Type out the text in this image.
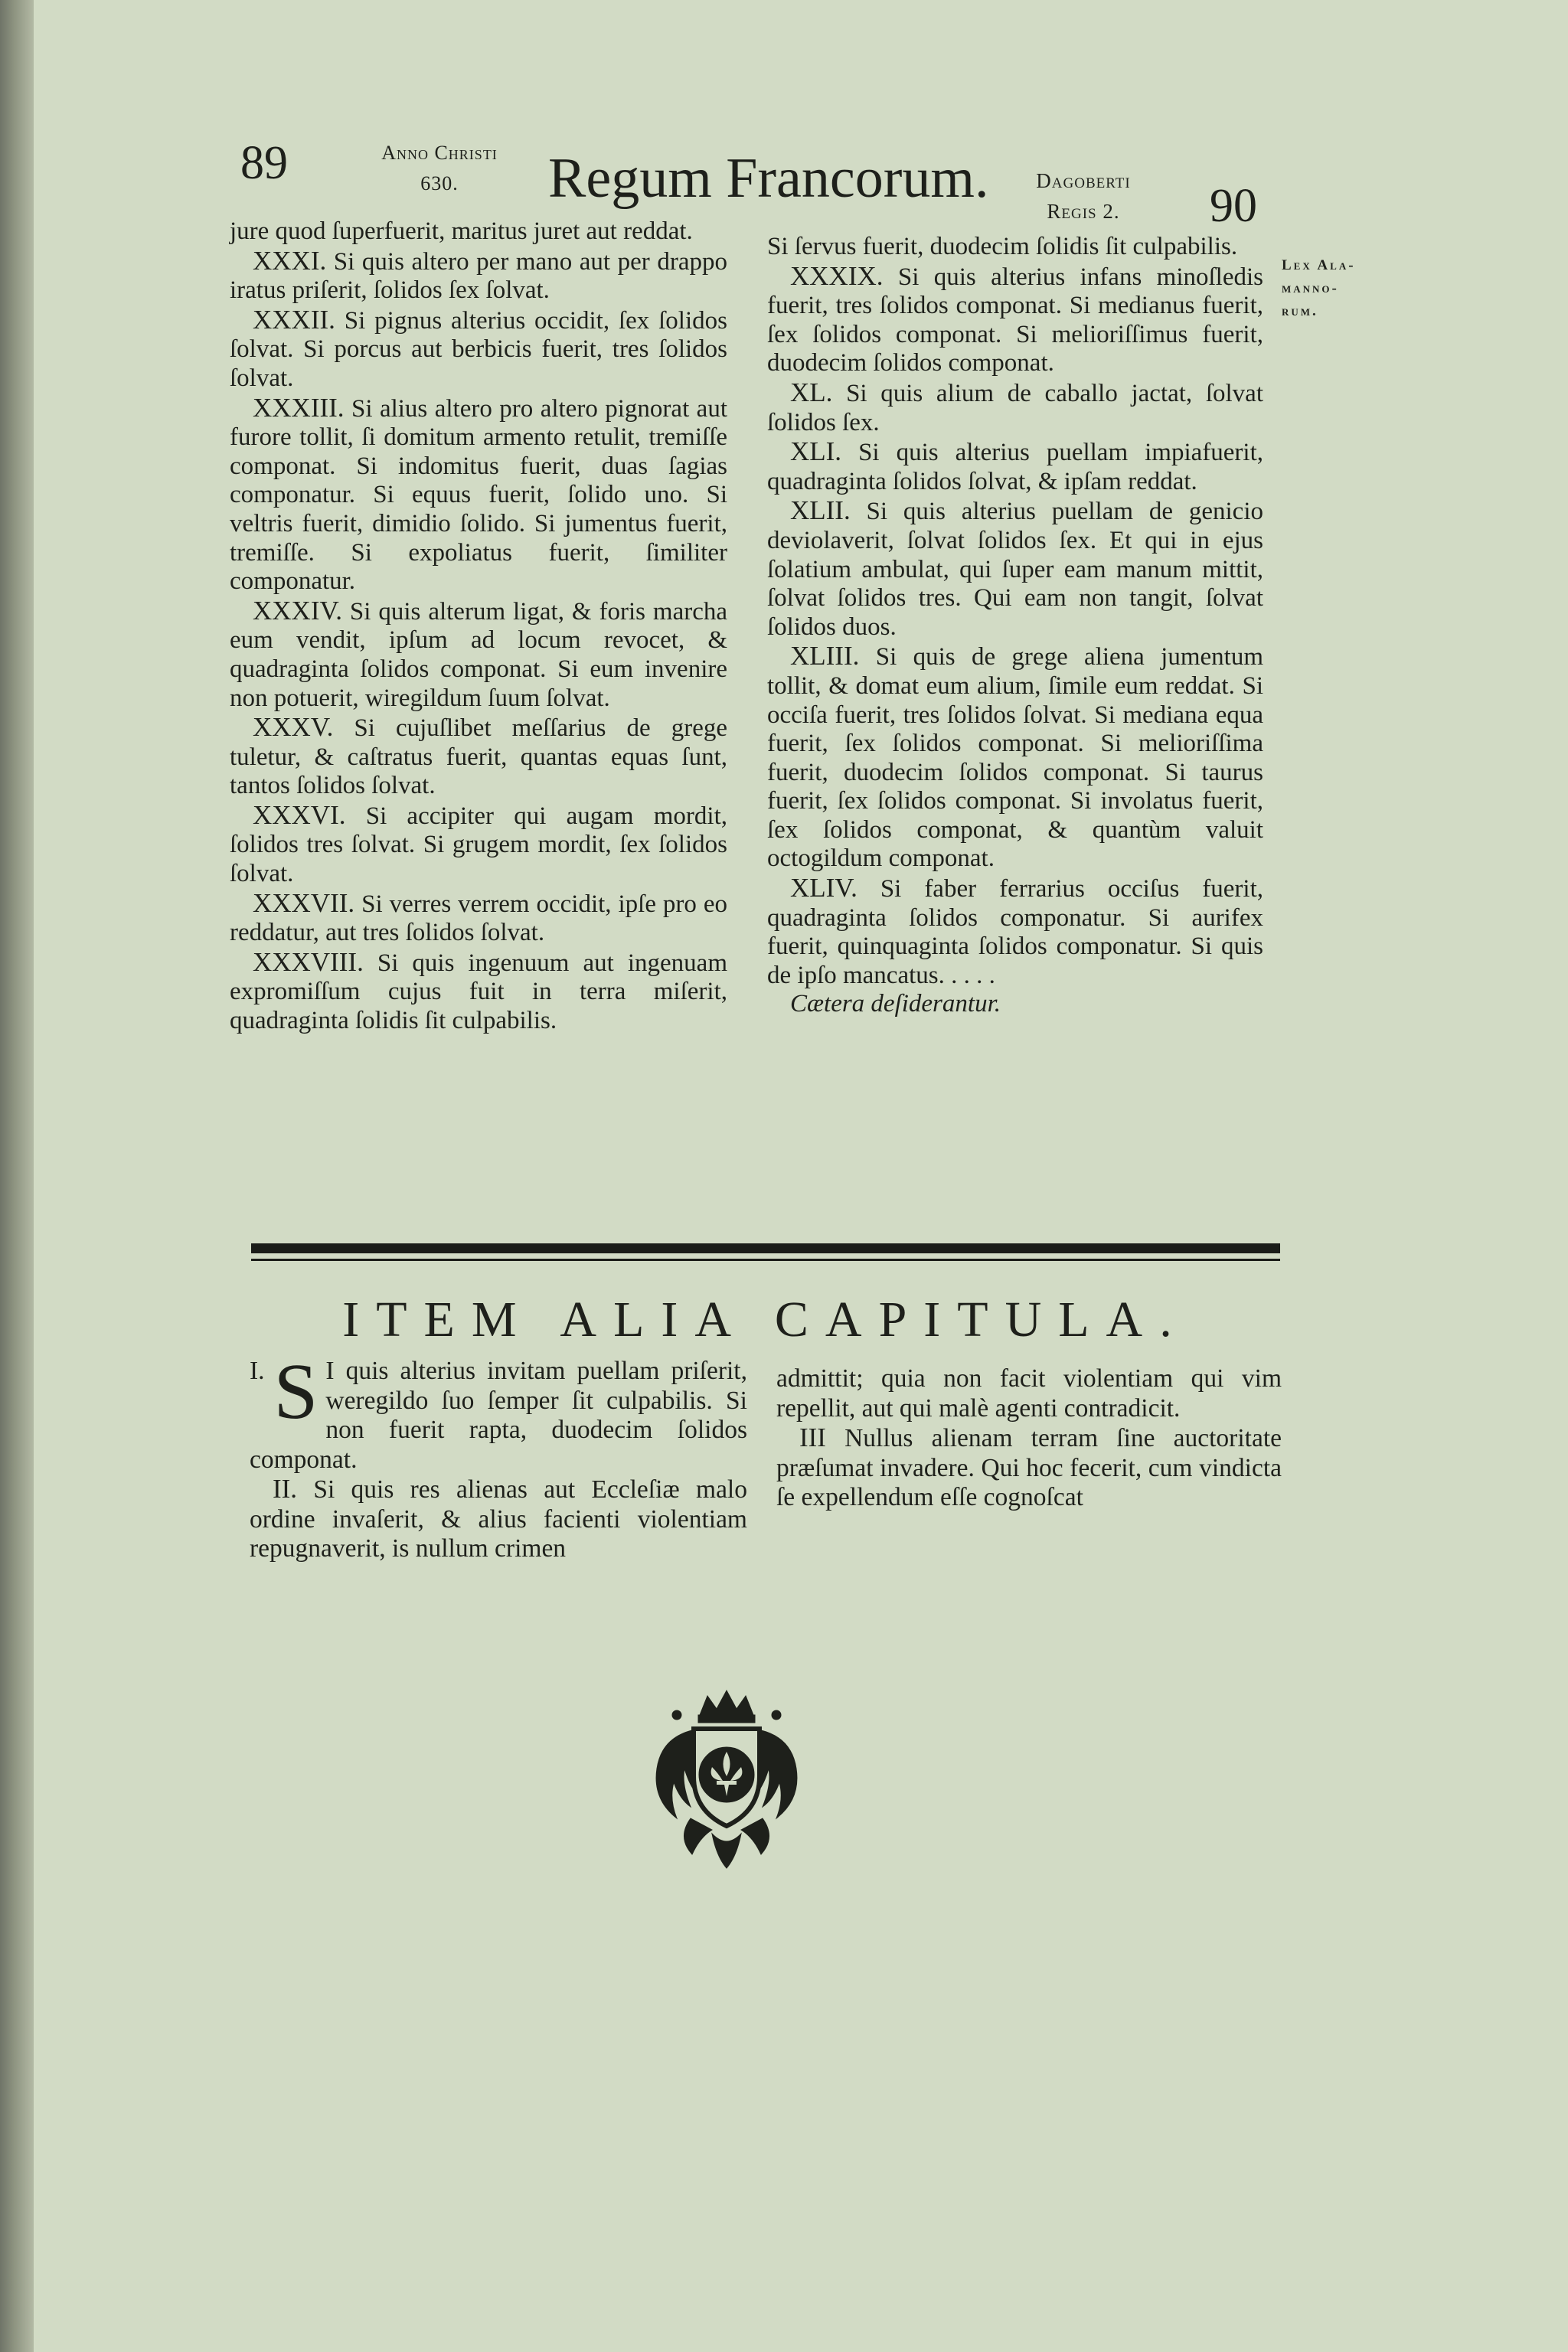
89	Anno Christi
630.	Regum Francorum.	Dagoberti
Regis 2.	90
Lex Ala-
manno-
rum.

jure quod ſuperfuerit, maritus juret aut reddat.

XXXI. Si quis altero per mano aut per drappo iratus priſerit, ſolidos ſex ſolvat.

XXXII. Si pignus alterius occidit, ſex ſolidos ſolvat. Si porcus aut berbicis fuerit, tres ſolidos ſolvat.

XXXIII. Si alius altero pro altero pignorat aut furore tollit, ſi domitum armento retulit, tremiſſe componat. Si indomitus fuerit, duas ſagias componatur. Si equus fuerit, ſolido uno. Si veltris fuerit, dimidio ſolido. Si jumentus fuerit, tremiſſe. Si expoliatus fuerit, ſimiliter componatur.

XXXIV. Si quis alterum ligat, & foris marcha eum vendit, ipſum ad locum revocet, & quadraginta ſolidos componat. Si eum invenire non potuerit, wiregildum ſuum ſolvat.

XXXV. Si cujuſlibet meſſarius de grege tuletur, & caſtratus fuerit, quantas equas ſunt, tantos ſolidos ſolvat.

XXXVI. Si accipiter qui augam mordit, ſolidos tres ſolvat. Si grugem mordit, ſex ſolidos ſolvat.

XXXVII. Si verres verrem occidit, ipſe pro eo reddatur, aut tres ſolidos ſolvat.

XXXVIII. Si quis ingenuum aut ingenuam expromiſſum cujus fuit in terra miſerit, quadraginta ſolidis ſit culpabilis.

Si ſervus fuerit, duodecim ſolidis ſit culpabilis.

XXXIX. Si quis alterius infans minoſledis fuerit, tres ſolidos componat. Si medianus fuerit, ſex ſolidos componat. Si melioriſſimus fuerit, duodecim ſolidos componat.

XL. Si quis alium de caballo jactat, ſolvat ſolidos ſex.

XLI. Si quis alterius puellam impiafuerit, quadraginta ſolidos ſolvat, & ipſam reddat.

XLII. Si quis alterius puellam de genicio deviolaverit, ſolvat ſolidos ſex. Et qui in ejus ſolatium ambulat, qui ſuper eam manum mittit, ſolvat ſolidos tres. Qui eam non tangit, ſolvat ſolidos duos.

XLIII. Si quis de grege aliena jumentum tollit, & domat eum alium, ſimile eum reddat. Si occiſa fuerit, tres ſolidos ſolvat. Si mediana equa fuerit, ſex ſolidos componat. Si melioriſſima fuerit, duodecim ſolidos componat. Si taurus fuerit, ſex ſolidos componat. Si involatus fuerit, ſex ſolidos componat, & quantùm valuit octogildum componat.

XLIV. Si faber ferrarius occiſus fuerit, quadraginta ſolidos componatur. Si aurifex fuerit, quinquaginta ſolidos componatur. Si quis de ipſo mancatus. . . . .

Cætera deſiderantur.

ITEM ALIA CAPITULA.

I. S I quis alterius invitam puellam priſerit, weregildo ſuo ſemper ſit culpabilis. Si non fuerit rapta, duodecim ſolidos componat.

II. Si quis res alienas aut Eccleſiæ malo ordine invaſerit, & alius facienti violentiam repugnaverit, is nullum crimen

admittit; quia non facit violentiam qui vim repellit, aut qui malè agenti contradicit.

III Nullus alienam terram ſine auctoritate præſumat invadere. Qui hoc fecerit, cum vindicta ſe expellendum eſſe cognoſcat
